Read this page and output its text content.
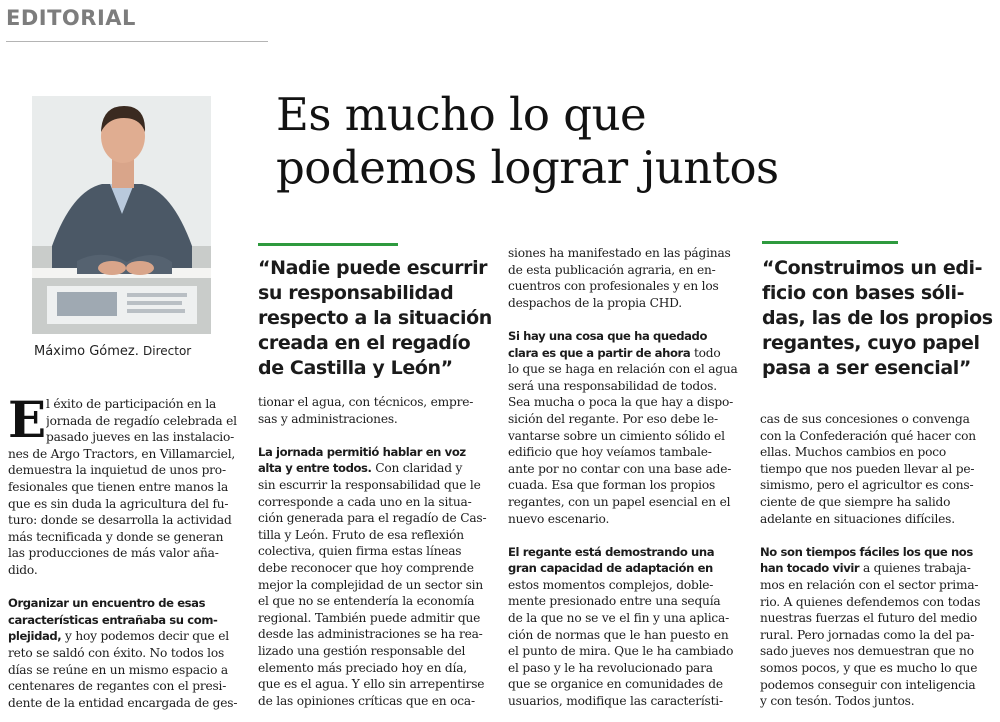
EDITORIAL
Es mucho lo que
podemos lograr juntos
Máximo Gómez. Director
E l éxito de participación en la
jornada de regadío celebrada el
pasado jueves en las instalacio-
nes de Argo Tractors, en Villamarciel,
demuestra la inquietud de unos pro-
fesionales que tienen entre manos la
que es sin duda la agricultura del fu-
turo: donde se desarrolla la actividad
más tecnificada y donde se generan
las producciones de más valor aña-
dido.
Organizar un encuentro de esas
características entrañaba su com-
plejidad, y hoy podemos decir que el
reto se saldó con éxito. No todos los
días se reúne en un mismo espacio a
centenares de regantes con el presi-
dente de la entidad encargada de ges-
“Nadie puede escurrir
su responsabilidad
respecto a la situación
creada en el regadío
de Castilla y León”
tionar el agua, con técnicos, empre-
sas y administraciones.
La jornada permitió hablar en voz
alta y entre todos. Con claridad y
sin escurrir la responsabilidad que le
corresponde a cada uno en la situa-
ción generada para el regadío de Cas-
tilla y León. Fruto de esa reflexión
colectiva, quien firma estas líneas
debe reconocer que hoy comprende
mejor la complejidad de un sector sin
el que no se entendería la economía
regional. También puede admitir que
desde las administraciones se ha rea-
lizado una gestión responsable del
elemento más preciado hoy en día,
que es el agua. Y ello sin arrepentirse
de las opiniones críticas que en oca-
siones ha manifestado en las páginas
de esta publicación agraria, en en-
cuentros con profesionales y en los
despachos de la propia CHD.
Si hay una cosa que ha quedado
clara es que a partir de ahora todo
lo que se haga en relación con el agua
será una responsabilidad de todos.
Sea mucha o poca la que hay a dispo-
sición del regante. Por eso debe le-
vantarse sobre un cimiento sólido el
edificio que hoy veíamos tambale-
ante por no contar con una base ade-
cuada. Esa que forman los propios
regantes, con un papel esencial en el
nuevo escenario.
El regante está demostrando una
gran capacidad de adaptación en
estos momentos complejos, doble-
mente presionado entre una sequía
de la que no se ve el fin y una aplica-
ción de normas que le han puesto en
el punto de mira. Que le ha cambiado
el paso y le ha revolucionado para
que se organice en comunidades de
usuarios, modifique las característi-
“Construimos un edi-
ficio con bases sóli-
das, las de los propios
regantes, cuyo papel
pasa a ser esencial”
cas de sus concesiones o convenga
con la Confederación qué hacer con
ellas. Muchos cambios en poco
tiempo que nos pueden llevar al pe-
simismo, pero el agricultor es cons-
ciente de que siempre ha salido
adelante en situaciones difíciles.
No son tiempos fáciles los que nos
han tocado vivir a quienes trabaja-
mos en relación con el sector prima-
rio. A quienes defendemos con todas
nuestras fuerzas el futuro del medio
rural. Pero jornadas como la del pa-
sado jueves nos demuestran que no
somos pocos, y que es mucho lo que
podemos conseguir con inteligencia
y con tesón. Todos juntos.
